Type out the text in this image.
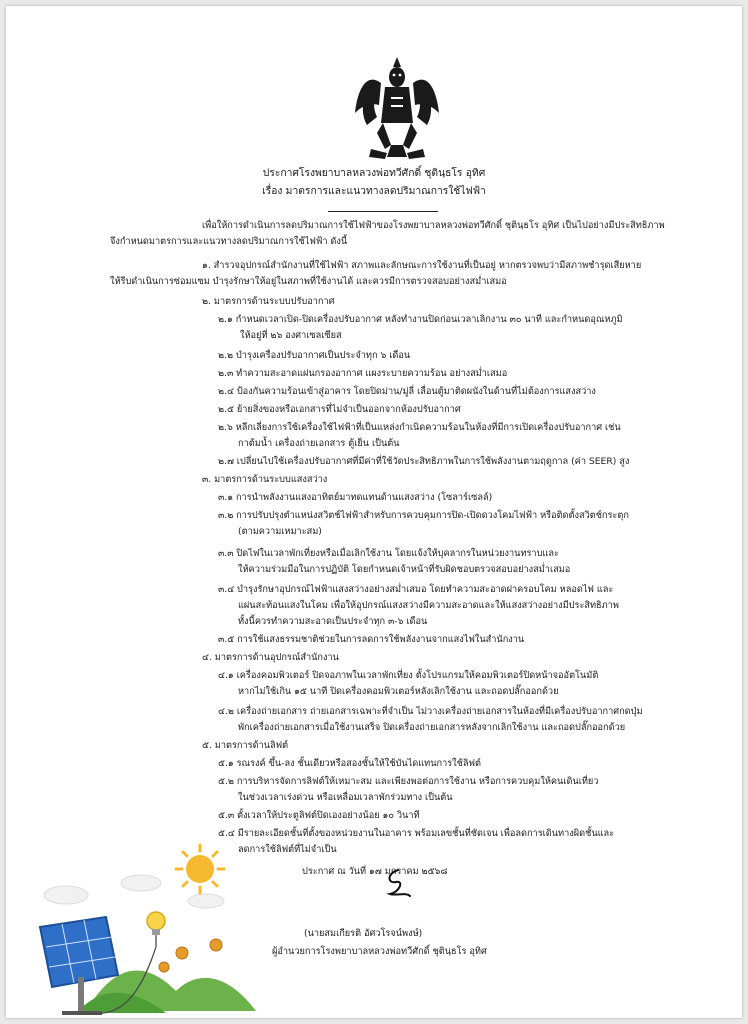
ประกาศโรงพยาบาลหลวงพ่อทวีศักดิ์ ชุตินฺธโร อุทิศ
เรื่อง มาตรการและแนวทางลดปริมาณการใช้ไฟฟ้า
เพื่อให้การดำเนินการลดปริมาณการใช้ไฟฟ้าของโรงพยาบาลหลวงพ่อทวีศักดิ์ ชุตินฺธโร อุทิศ เป็นไปอย่างมีประสิทธิภาพ
จึงกำหนดมาตรการและแนวทางลดปริมาณการใช้ไฟฟ้า ดังนี้
๑. สำรวจอุปกรณ์สำนักงานที่ใช้ไฟฟ้า สภาพและลักษณะการใช้งานที่เป็นอยู่ หากตรวจพบว่ามีสภาพชำรุดเสียหาย
ให้รีบดำเนินการซ่อมแซม บำรุงรักษาให้อยู่ในสภาพที่ใช้งานได้ และควรมีการตรวจสอบอย่างสม่ำเสมอ
๒. มาตรการด้านระบบปรับอากาศ
๒.๑ กำหนดเวลาเปิด-ปิดเครื่องปรับอากาศ หลังทำงานปิดก่อนเวลาเลิกงาน ๓๐ นาที และกำหนดอุณหภูมิ
ให้อยู่ที่ ๒๖ องศาเซลเซียส
๒.๒ บำรุงเครื่องปรับอากาศเป็นประจำทุก ๖ เดือน
๒.๓ ทำความสะอาดแผ่นกรองอากาศ แผงระบายความร้อน อย่างสม่ำเสมอ
๒.๔ ป้องกันความร้อนเข้าสู่อาคาร โดยปิดม่าน/มู่ลี่ เลื่อนตู้มาติดผนังในด้านที่ไม่ต้องการแสงสว่าง
๒.๕ ย้ายสิ่งของหรือเอกสารที่ไม่จำเป็นออกจากห้องปรับอากาศ
๒.๖ หลีกเลี่ยงการใช้เครื่องใช้ไฟฟ้าที่เป็นแหล่งกำเนิดความร้อนในห้องที่มีการเปิดเครื่องปรับอากาศ เช่น
กาต้มน้ำ เครื่องถ่ายเอกสาร ตู้เย็น เป็นต้น
๒.๗ เปลี่ยนไปใช้เครื่องปรับอากาศที่มีค่าที่ใช้วัดประสิทธิภาพในการใช้พลังงานตามฤดูกาล (ค่า SEER) สูง
๓. มาตรการด้านระบบแสงสว่าง
๓.๑ การนำพลังงานแสงอาทิตย์มาทดแทนด้านแสงสว่าง (โซลาร์เซลล์)
๓.๒ การปรับปรุงตำแหน่งสวิตช์ไฟฟ้าสำหรับการควบคุมการปิด-เปิดดวงโคมไฟฟ้า หรือติดตั้งสวิตช์กระตุก
(ตามความเหมาะสม)
๓.๓ ปิดไฟในเวลาพักเที่ยงหรือเมื่อเลิกใช้งาน โดยแจ้งให้บุคลากรในหน่วยงานทราบและ
ให้ความร่วมมือในการปฏิบัติ โดยกำหนดเจ้าหน้าที่รับผิดชอบตรวจสอบอย่างสม่ำเสมอ
๓.๔ บำรุงรักษาอุปกรณ์ไฟฟ้าแสงสว่างอย่างสม่ำเสมอ โดยทำความสะอาดฝาครอบโคม หลอดไฟ และ
แผ่นสะท้อนแสงในโคม เพื่อให้อุปกรณ์แสงสว่างมีความสะอาดและให้แสงสว่างอย่างมีประสิทธิภาพ
ทั้งนี้ควรทำความสะอาดเป็นประจำทุก ๓-๖ เดือน
๓.๕ การใช้แสงธรรมชาติช่วยในการลดการใช้พลังงานจากแสงไฟในสำนักงาน
๔. มาตรการด้านอุปกรณ์สำนักงาน
๔.๑ เครื่องคอมพิวเตอร์ ปิดจอภาพในเวลาพักเที่ยง ตั้งโปรแกรมให้คอมพิวเตอร์ปิดหน้าจออัตโนมัติ
หากไม่ใช้เกิน ๑๕ นาที ปิดเครื่องคอมพิวเตอร์หลังเลิกใช้งาน และถอดปลั๊กออกด้วย
๔.๒ เครื่องถ่ายเอกสาร ถ่ายเอกสารเฉพาะที่จำเป็น ไม่วางเครื่องถ่ายเอกสารในห้องที่มีเครื่องปรับอากาศกดปุ่ม
พักเครื่องถ่ายเอกสารเมื่อใช้งานเสร็จ ปิดเครื่องถ่ายเอกสารหลังจากเลิกใช้งาน และถอดปลั๊กออกด้วย
๕. มาตรการด้านลิฟต์
๕.๑ รณรงค์ ขึ้น-ลง ชั้นเดียวหรือสองชั้นให้ใช้บันไดแทนการใช้ลิฟต์
๕.๒ การบริหารจัดการลิฟต์ให้เหมาะสม และเพียงพอต่อการใช้งาน หรือการควบคุมให้คนเดินเที่ยว
ในช่วงเวลาเร่งด่วน หรือเหลื่อมเวลาพักร่วมทาง เป็นต้น
๕.๓ ตั้งเวลาให้ประตูลิฟต์ปิดเองอย่างน้อย ๑๐ วินาที
๕.๔ มีรายละเอียดชั้นที่ตั้งของหน่วยงานในอาคาร พร้อมเลขชั้นที่ชัดเจน เพื่อลดการเดินทางผิดชั้นและ
ลดการใช้ลิฟต์ที่ไม่จำเป็น
ประกาศ ณ วันที่ ๑๗ มกราคม ๒๕๖๘
(นายสมเกียรติ อัศวโรจน์พงษ์)
ผู้อำนวยการโรงพยาบาลหลวงพ่อทวีศักดิ์ ชุตินฺธโร อุทิศ
